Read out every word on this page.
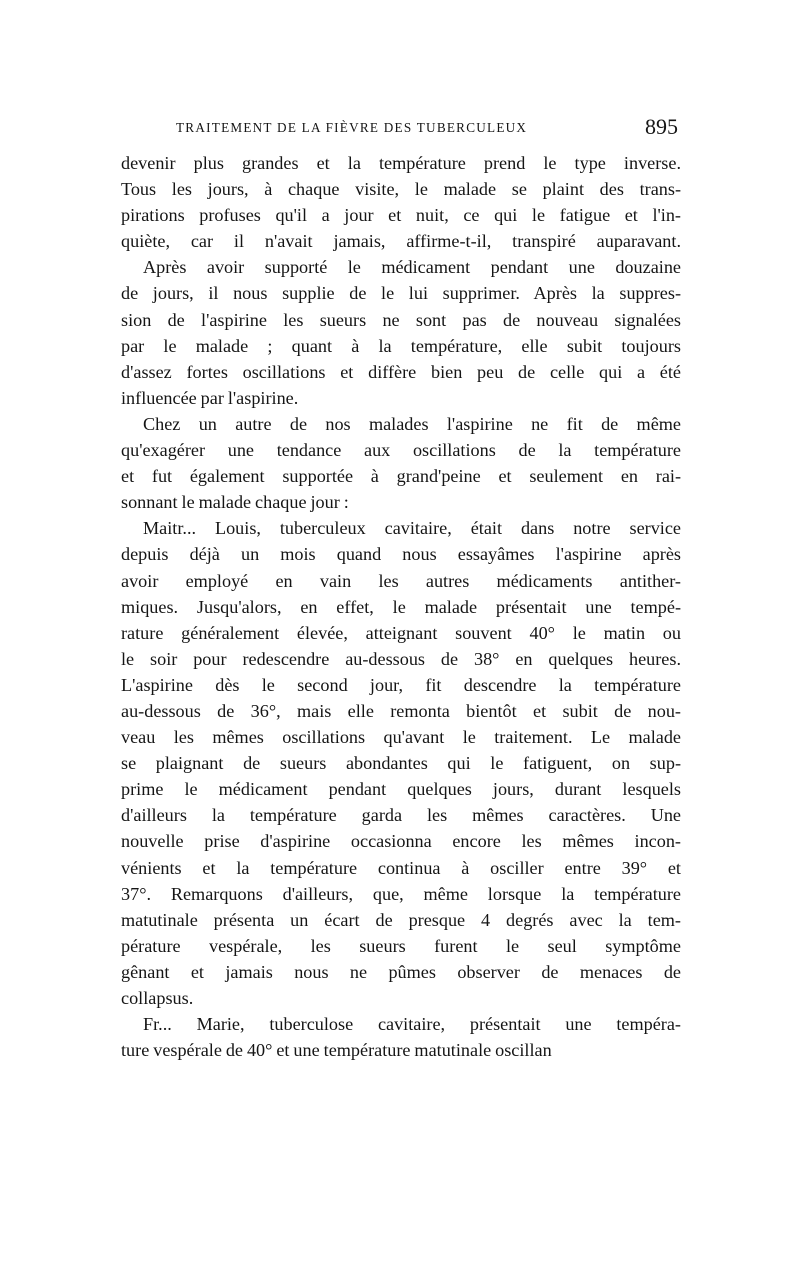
TRAITEMENT DE LA FIÈVRE DES TUBERCULEUX	895
devenir plus grandes et la température prend le type inverse.
Tous les jours, à chaque visite, le malade se plaint des trans-
pirations profuses qu'il a jour et nuit, ce qui le fatigue et l'in-
quiète, car il n'avait jamais, affirme-t-il, transpiré auparavant.
Après avoir supporté le médicament pendant une douzaine
de jours, il nous supplie de le lui supprimer. Après la suppres-
sion de l'aspirine les sueurs ne sont pas de nouveau signalées
par le malade ; quant à la température, elle subit toujours
d'assez fortes oscillations et diffère bien peu de celle qui a été
influencée par l'aspirine.
Chez un autre de nos malades l'aspirine ne fit de même
qu'exagérer une tendance aux oscillations de la température
et fut également supportée à grand'peine et seulement en rai-
sonnant le malade chaque jour :
Maitr... Louis, tuberculeux cavitaire, était dans notre service
depuis déjà un mois quand nous essayâmes l'aspirine après
avoir employé en vain les autres médicaments antither-
miques. Jusqu'alors, en effet, le malade présentait une tempé-
rature généralement élevée, atteignant souvent 40° le matin ou
le soir pour redescendre au-dessous de 38° en quelques heures.
L'aspirine dès le second jour, fit descendre la température
au-dessous de 36°, mais elle remonta bientôt et subit de nou-
veau les mêmes oscillations qu'avant le traitement. Le malade
se plaignant de sueurs abondantes qui le fatiguent, on sup-
prime le médicament pendant quelques jours, durant lesquels
d'ailleurs la température garda les mêmes caractères. Une
nouvelle prise d'aspirine occasionna encore les mêmes incon-
vénients et la température continua à osciller entre 39° et
37°. Remarquons d'ailleurs, que, même lorsque la température
matutinale présenta un écart de presque 4 degrés avec la tem-
pérature vespérale, les sueurs furent le seul symptôme
gênant et jamais nous ne pûmes observer de menaces de
collapsus.
Fr... Marie, tuberculose cavitaire, présentait une tempéra-
ture vespérale de 40° et une température matutinale oscillan
